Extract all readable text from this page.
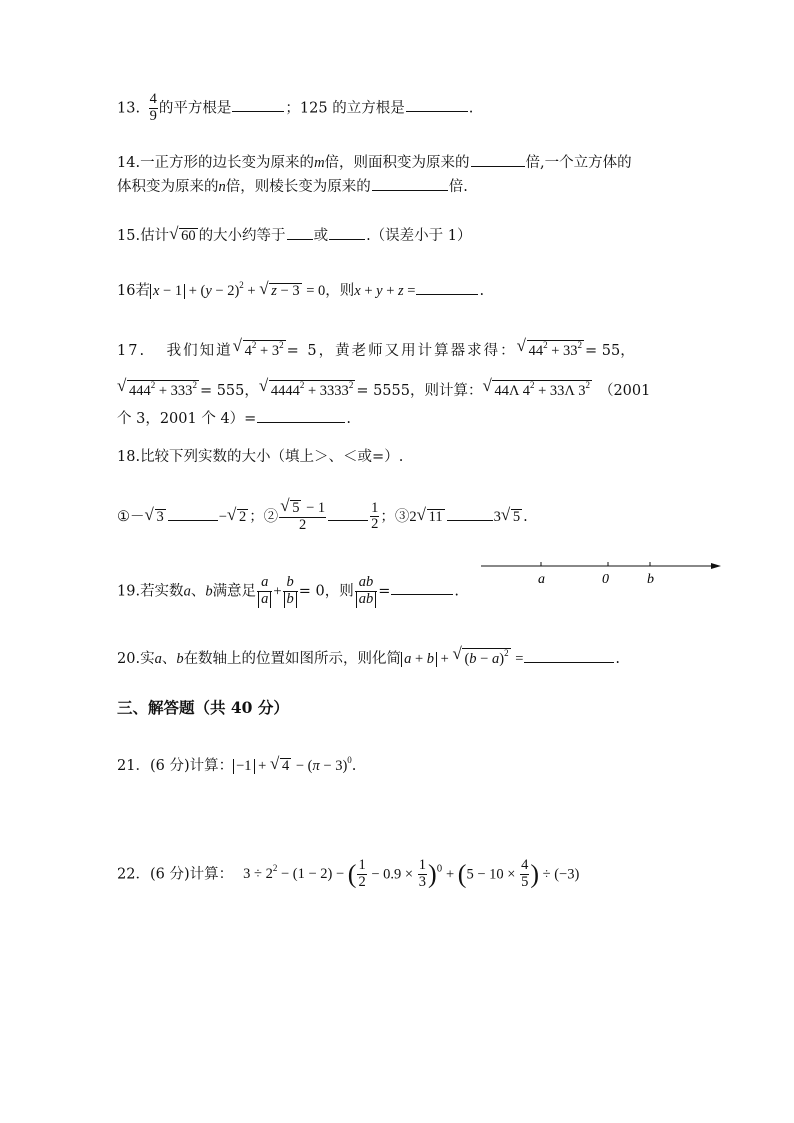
13. $\frac{4}{9}$ 的平方根是	；125 的立方根是	.
14.一正方形的边长变为原来的m倍，则面积变为原来的	倍,一个立方体的
体积变为原来的n倍，则棱长变为原来的	倍.
15.估计 √ 60 的大小约等于 或	.（误差小于 1）
16若 $x - 1 + (y - 2)^2$ + √ z − 3 = 0，则x + y + z =	.
17. 我们知道 √ $4^2 + 3^2 = 5$，黄老师又用计算器求得： √ $44^2 + 33^2 = 55$，
√ $444^2 + 333^2 = 555$， √ $4444^2 + 3333^2 = 5555$，则计算： √ 44Λ $4^2 + 33\Lambda$ $3^2$ （2001
个 3，2001 个 4）=	.
18.比较下列实数的大小（填上＞、＜或=）.
①－ √ 3	− √ 2 ；② √ $\frac{5 - 1}{2}$	$\frac{1}{2}$ ；③2 √ 11	3 √ 5 .
19.若实数a、b满意足 $\frac{a}{a} + \frac{b}{b} = 0$，则 $\frac{ab}{ab}$ =	.
a	0	b
20.实a、b在数轴上的位置如图所示，则化简 a + b + √ $(b - a)^2$ =	.
三、解答题（共 40 分）
21．(6 分)计算： −1 + √ $4 - (\pi - 3)^0$.
22．(6 分)计算： $3 \div 2^2 - (1 - 2)$ − ( $\frac{1}{2} - 0.9 \times \frac{1}{3} )^0 + (5 - 10 \times \frac{4}{5}$ ) ÷ (−3)
